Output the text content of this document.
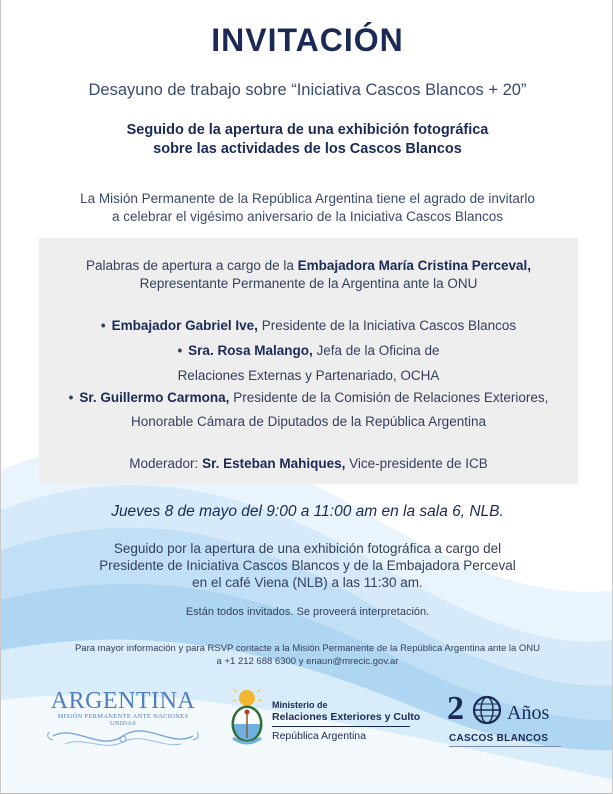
INVITACIÓN
Desayuno de trabajo sobre “Iniciativa Cascos Blancos + 20”
Seguido de la apertura de una exhibición fotográfica
sobre las actividades de los Cascos Blancos
La Misión Permanente de la República Argentina tiene el agrado de invitarlo
a celebrar el vigésimo aniversario de la Iniciativa Cascos Blancos
Palabras de apertura a cargo de la Embajadora María Cristina Perceval,
Representante Permanente de la Argentina ante la ONU
• Embajador Gabriel Ive, Presidente de la Iniciativa Cascos Blancos
• Sra. Rosa Malango, Jefa de la Oficina de
Relaciones Externas y Partenariado, OCHA
• Sr. Guillermo Carmona, Presidente de la Comisión de Relaciones Exteriores,
Honorable Cámara de Diputados de la República Argentina
Moderador: Sr. Esteban Mahiques, Vice-presidente de ICB
Jueves 8 de mayo del 9:00 a 11:00 am en la sala 6, NLB.
Seguido por la apertura de una exhibición fotográfica a cargo del
Presidente de Iniciativa Cascos Blancos y de la Embajadora Perceval
en el café Viena (NLB) a las 11:30 am.
Están todos invitados. Se proveerá interpretación.
Para mayor información y para RSVP contacte a la Misión Permanente de la República Argentina ante la ONU
a +1 212 688 6300 y enaun@mrecic.gov.ar
ARGENTINA
MISIÓN PERMANENTE ANTE NACIONES UNIDAS
Ministerio de
Relaciones Exteriores y Culto
República Argentina
2 Años
CASCOS BLANCOS
